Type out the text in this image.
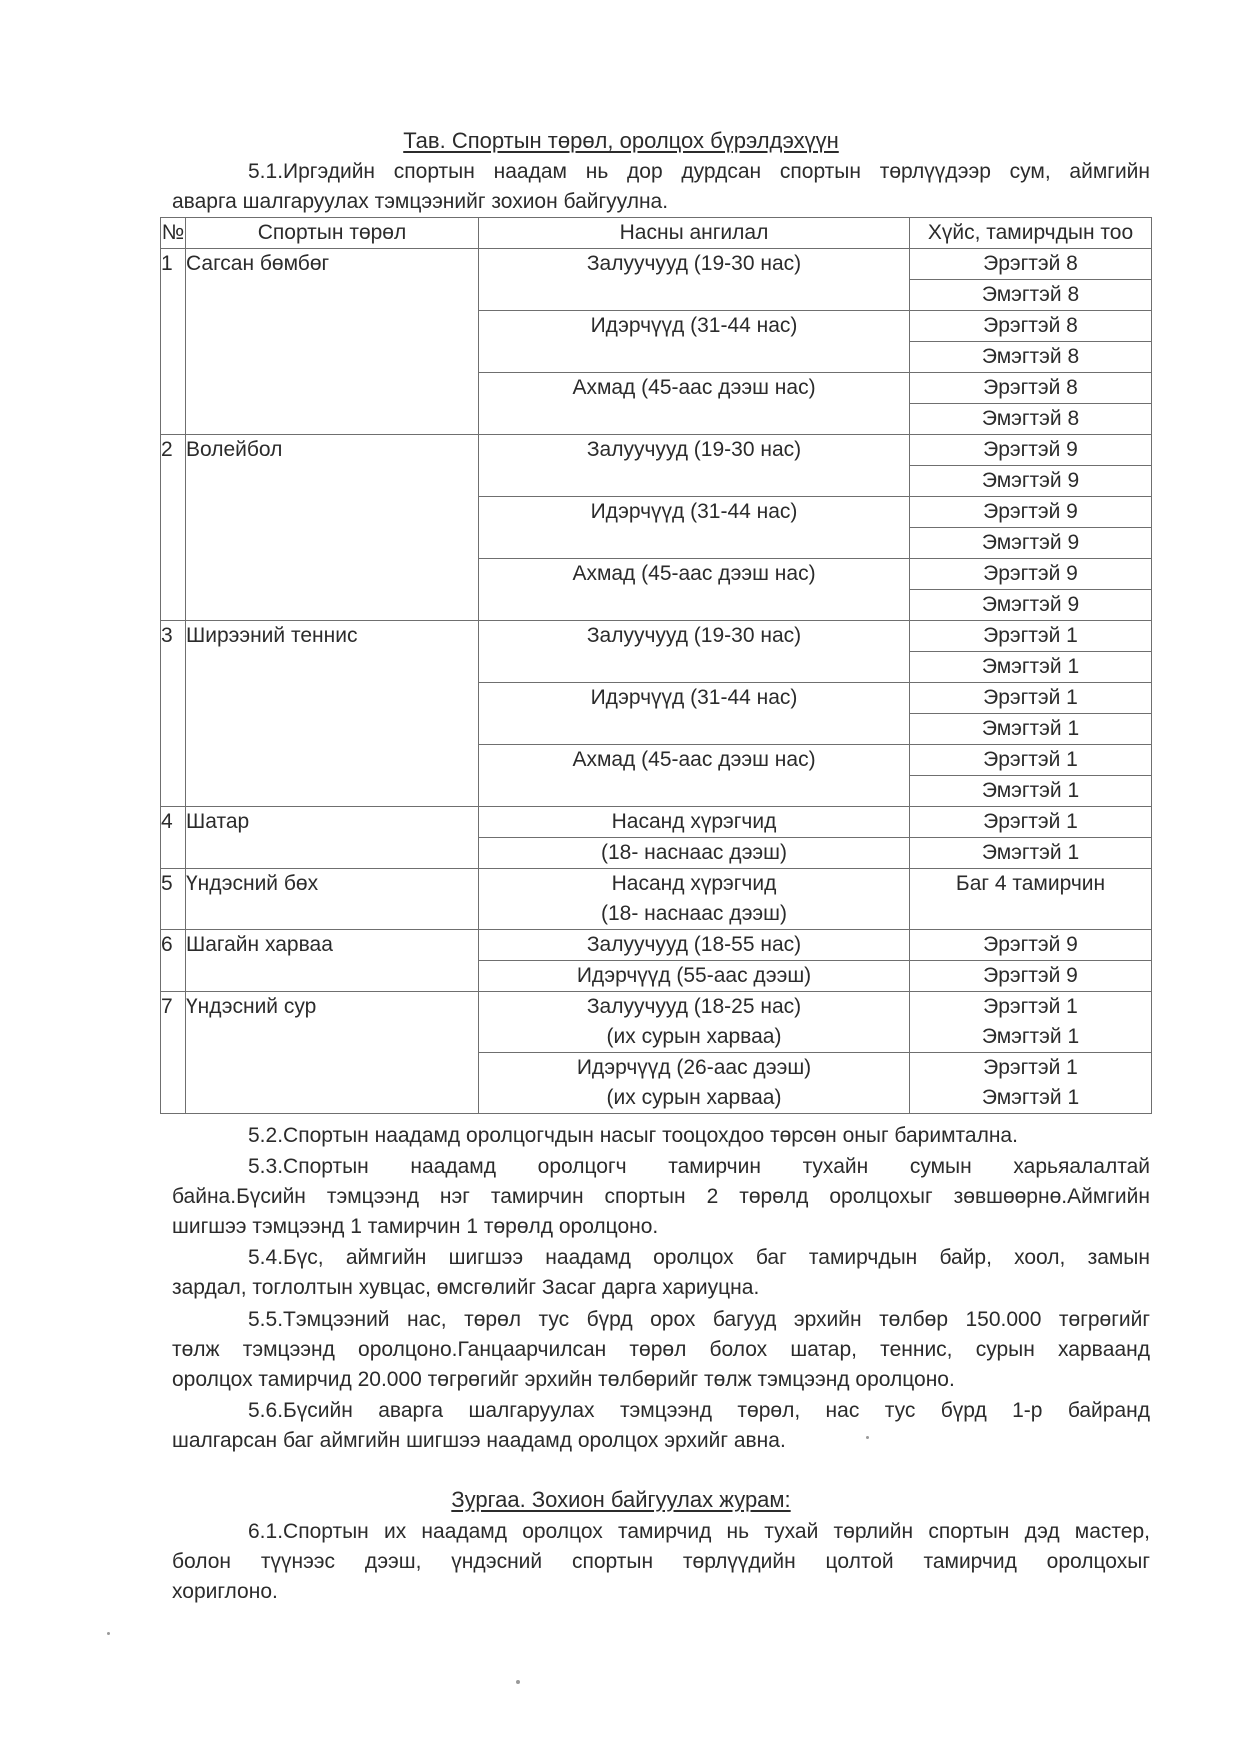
Тав. Спортын төрөл, оролцох бүрэлдэхүүн
5.1.Иргэдийн спортын наадам нь дор дурдсан спортын төрлүүдээр сум, аймгийн
аварга шалгаруулах тэмцээнийг зохион байгуулна.
№	Спортын төрөл	Насны ангилал	Хүйс, тамирчдын тоо
1	Сагсан бөмбөг	Залуучууд (19-30 нас)	Эрэгтэй 8
			Эмэгтэй 8
		Идэрчүүд (31-44 нас)	Эрэгтэй 8
			Эмэгтэй 8
		Ахмад (45-аас дээш нас)	Эрэгтэй 8
			Эмэгтэй 8
2	Волейбол	Залуучууд (19-30 нас)	Эрэгтэй 9
			Эмэгтэй 9
		Идэрчүүд (31-44 нас)	Эрэгтэй 9
			Эмэгтэй 9
		Ахмад (45-аас дээш нас)	Эрэгтэй 9
			Эмэгтэй 9
3	Ширээний теннис	Залуучууд (19-30 нас)	Эрэгтэй 1
			Эмэгтэй 1
		Идэрчүүд (31-44 нас)	Эрэгтэй 1
			Эмэгтэй 1
		Ахмад (45-аас дээш нас)	Эрэгтэй 1
			Эмэгтэй 1
4	Шатар	Насанд хүрэгчид	Эрэгтэй 1
		(18- наснаас дээш)	Эмэгтэй 1
5	Үндэсний бөх	Насанд хүрэгчид	Баг 4 тамирчин
		(18- наснаас дээш)	
6	Шагайн харваа	Залуучууд (18-55 нас)	Эрэгтэй 9
		Идэрчүүд (55-аас дээш)	Эрэгтэй 9
7	Үндэсний сур	Залуучууд (18-25 нас)	Эрэгтэй 1
		(их сурын харваа)	Эмэгтэй 1
		Идэрчүүд (26-аас дээш)	Эрэгтэй 1
		(их сурын харваа)	Эмэгтэй 1
5.2.Спортын наадамд оролцогчдын насыг тооцохдоо төрсөн оныг баримтална.
5.3.Спортын наадамд оролцогч тамирчин тухайн сумын харьяалалтай
байна.Бүсийн тэмцээнд нэг тамирчин спортын 2 төрөлд оролцохыг зөвшөөрнө.Аймгийн
шигшээ тэмцээнд 1 тамирчин 1 төрөлд оролцоно.
5.4.Бүс, аймгийн шигшээ наадамд оролцох баг тамирчдын байр, хоол, замын
зардал, тоглолтын хувцас, өмсгөлийг Засаг дарга хариуцна.
5.5.Тэмцээний нас, төрөл тус бүрд орох багууд эрхийн төлбөр 150.000 төгрөгийг
төлж тэмцээнд оролцоно.Ганцаарчилсан төрөл болох шатар, теннис, сурын харвaанд
оролцох тамирчид 20.000 төгрөгийг эрхийн төлбөрийг төлж тэмцээнд оролцоно.
5.6.Бүсийн аварга шалгаруулах тэмцээнд төрөл, нас тус бүрд 1-р байранд
шалгарсан баг аймгийн шигшээ наадамд оролцох эрхийг авна.
Зургаа. Зохион байгуулах журам:
6.1.Спортын их наадамд оролцох тамирчид нь тухай төрлийн спортын дэд мастер,
болон түүнээс дээш, үндэсний спортын төрлүүдийн цолтой тамирчид оролцохыг
хориглоно.
